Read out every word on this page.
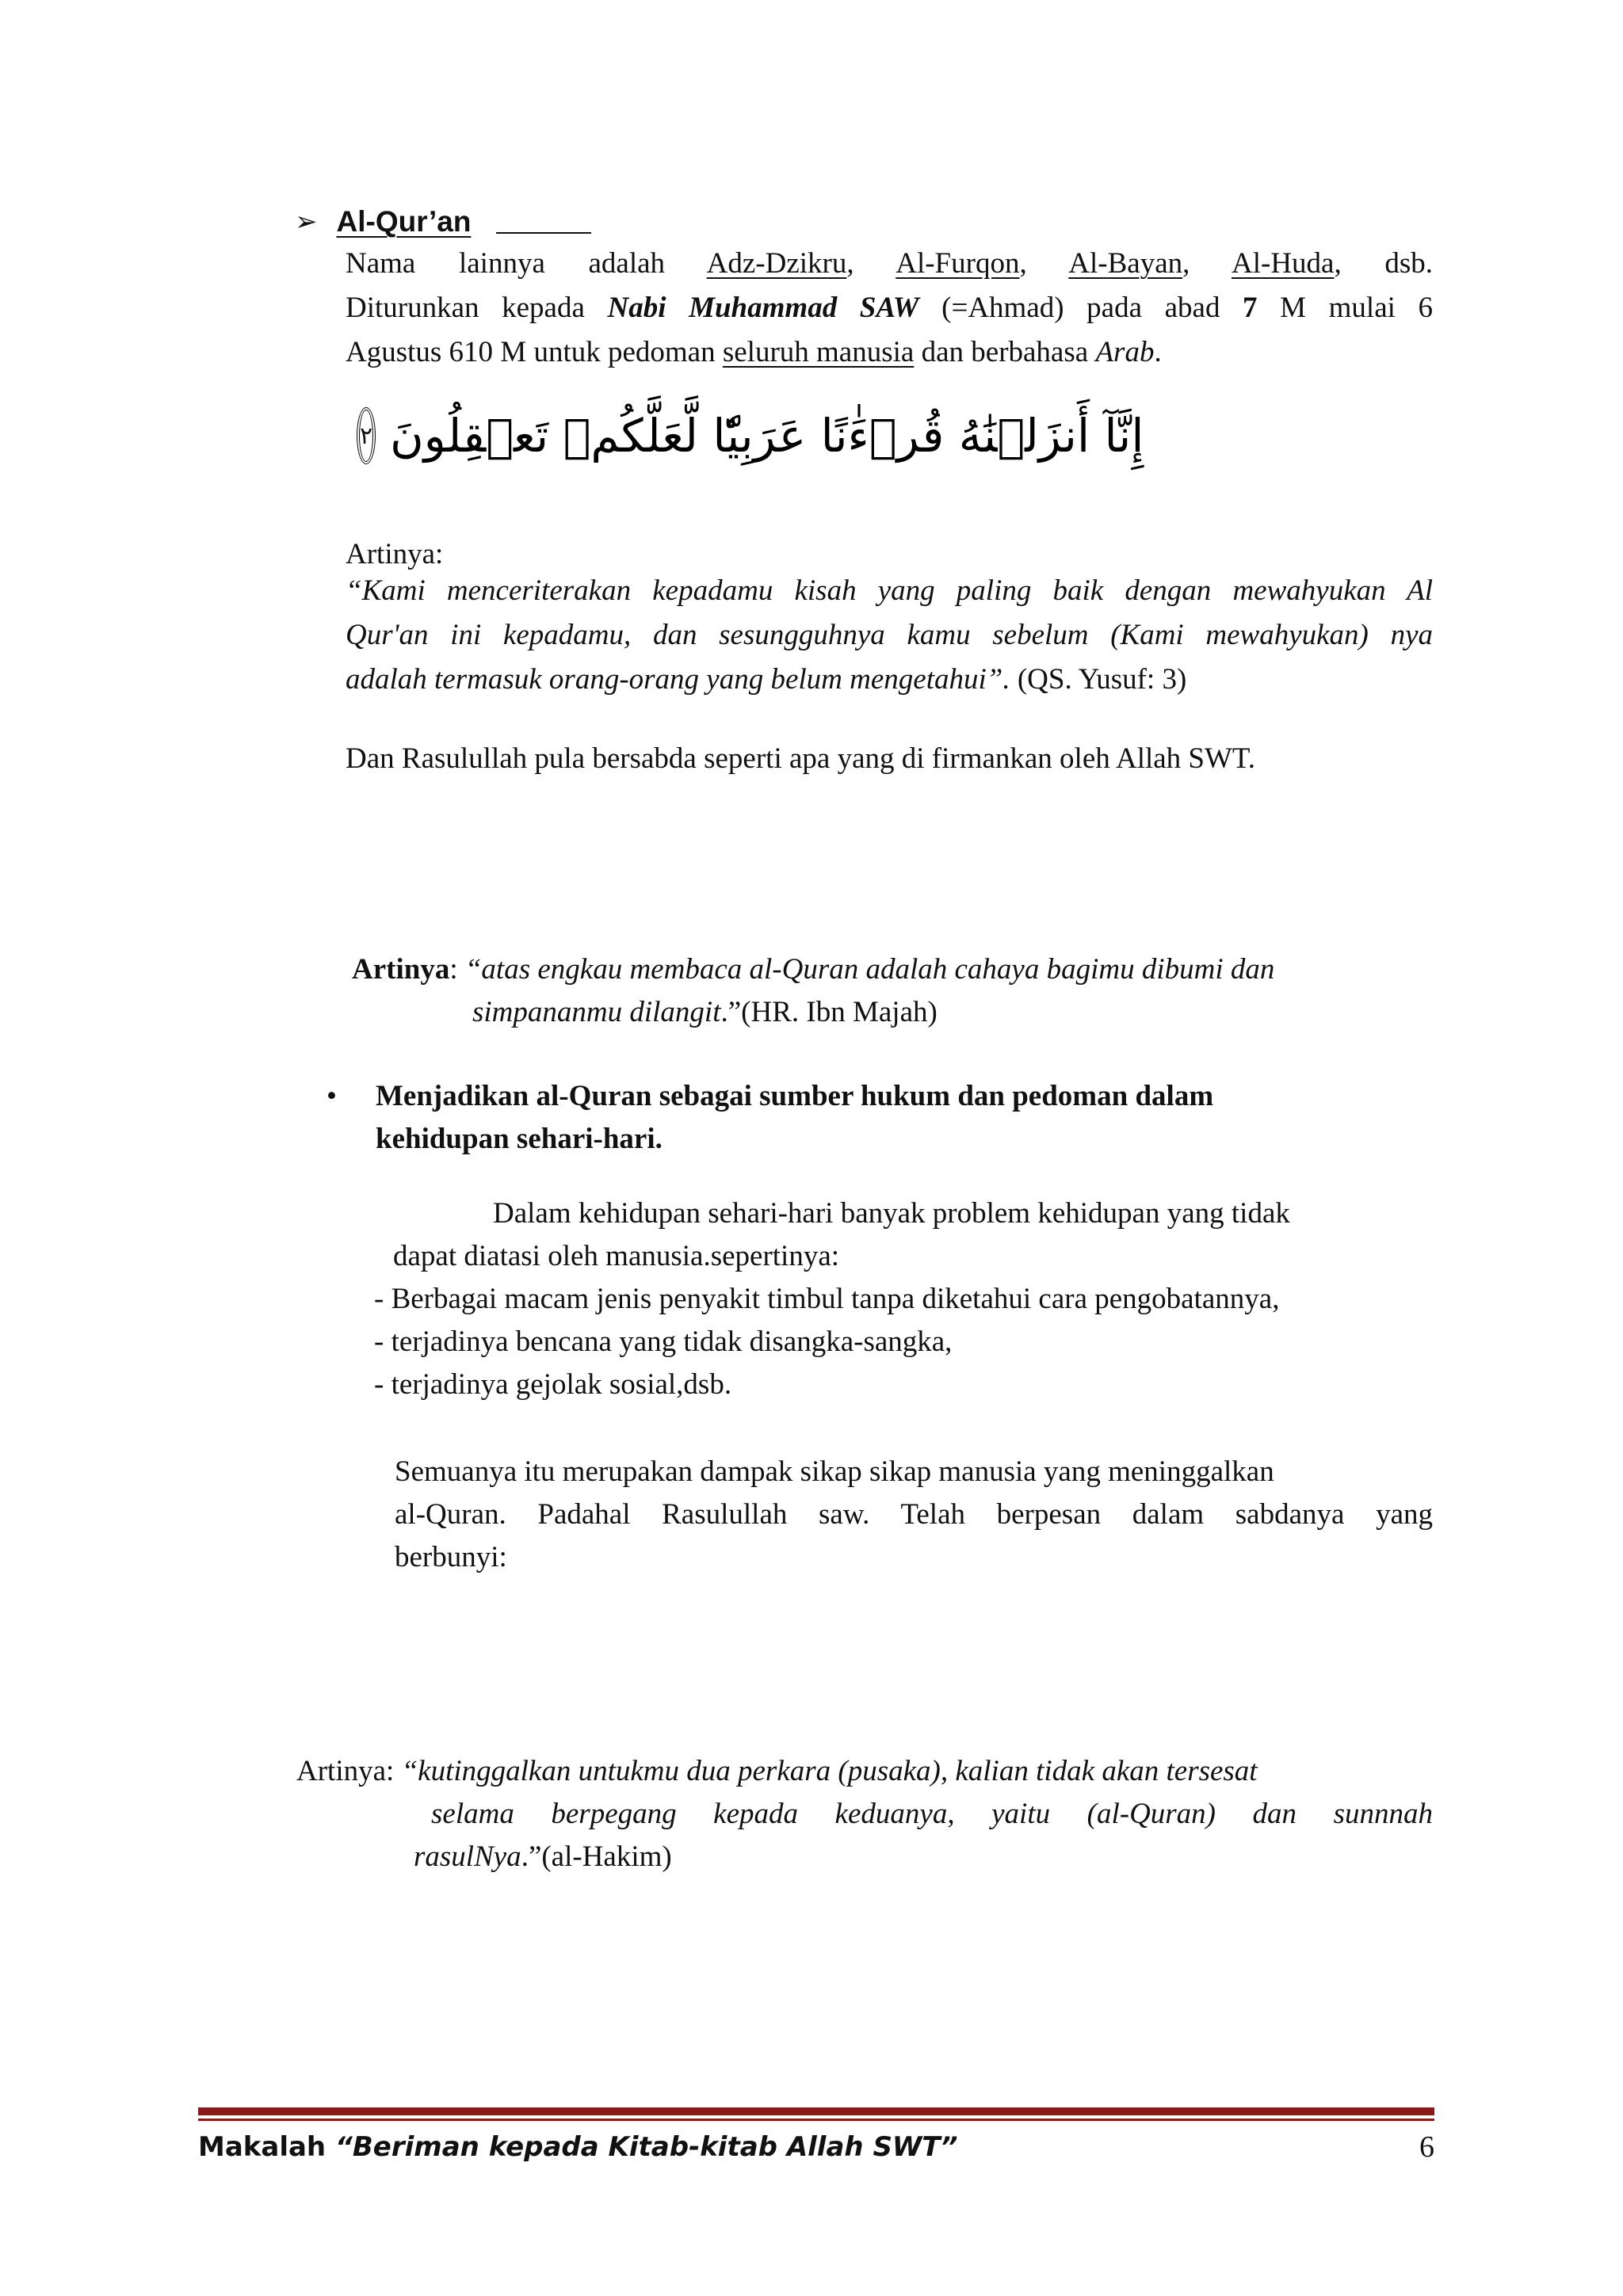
➢ Al-Qur’an
Nama lainnya adalah Adz-Dzikru, Al-Furqon, Al-Bayan, Al-Huda, dsb.
Diturunkan kepada Nabi Muhammad SAW (=Ahmad) pada abad 7 M mulai 6
Agustus 610 M untuk pedoman seluruh manusia dan berbahasa Arab.
٢ إِنَّآ أَنزَلۡنَٰهُ قُرۡءَٰنًا عَرَبِيّٗا لَّعَلَّكُمۡ تَعۡقِلُونَ
Artinya:
“Kami menceriterakan kepadamu kisah yang paling baik dengan mewahyukan Al
Qur'an ini kepadamu, dan sesungguhnya kamu sebelum (Kami mewahyukan) nya
adalah termasuk orang-orang yang belum mengetahui”. (QS. Yusuf: 3)
Dan Rasulullah pula bersabda seperti apa yang di firmankan oleh Allah SWT.
Artinya: “atas engkau membaca al-Quran adalah cahaya bagimu dibumi dan
simpananmu dilangit.”(HR. Ibn Majah)
• Menjadikan al-Quran sebagai sumber hukum dan pedoman dalam
kehidupan sehari-hari.
Dalam kehidupan sehari-hari banyak problem kehidupan yang tidak
dapat diatasi oleh manusia.sepertinya:
- Berbagai macam jenis penyakit timbul tanpa diketahui cara pengobatannya,
- terjadinya bencana yang tidak disangka-sangka,
- terjadinya gejolak sosial,dsb.
Semuanya itu merupakan dampak sikap sikap manusia yang meninggalkan
al-Quran. Padahal Rasulullah saw. Telah berpesan dalam sabdanya yang
berbunyi:
Artinya: “kutinggalkan untukmu dua perkara (pusaka), kalian tidak akan tersesat
selama berpegang kepada keduanya, yaitu (al-Quran) dan sunnnah
rasulNya.”(al-Hakim)
Makalah “Beriman kepada Kitab-kitab Allah SWT”	6
